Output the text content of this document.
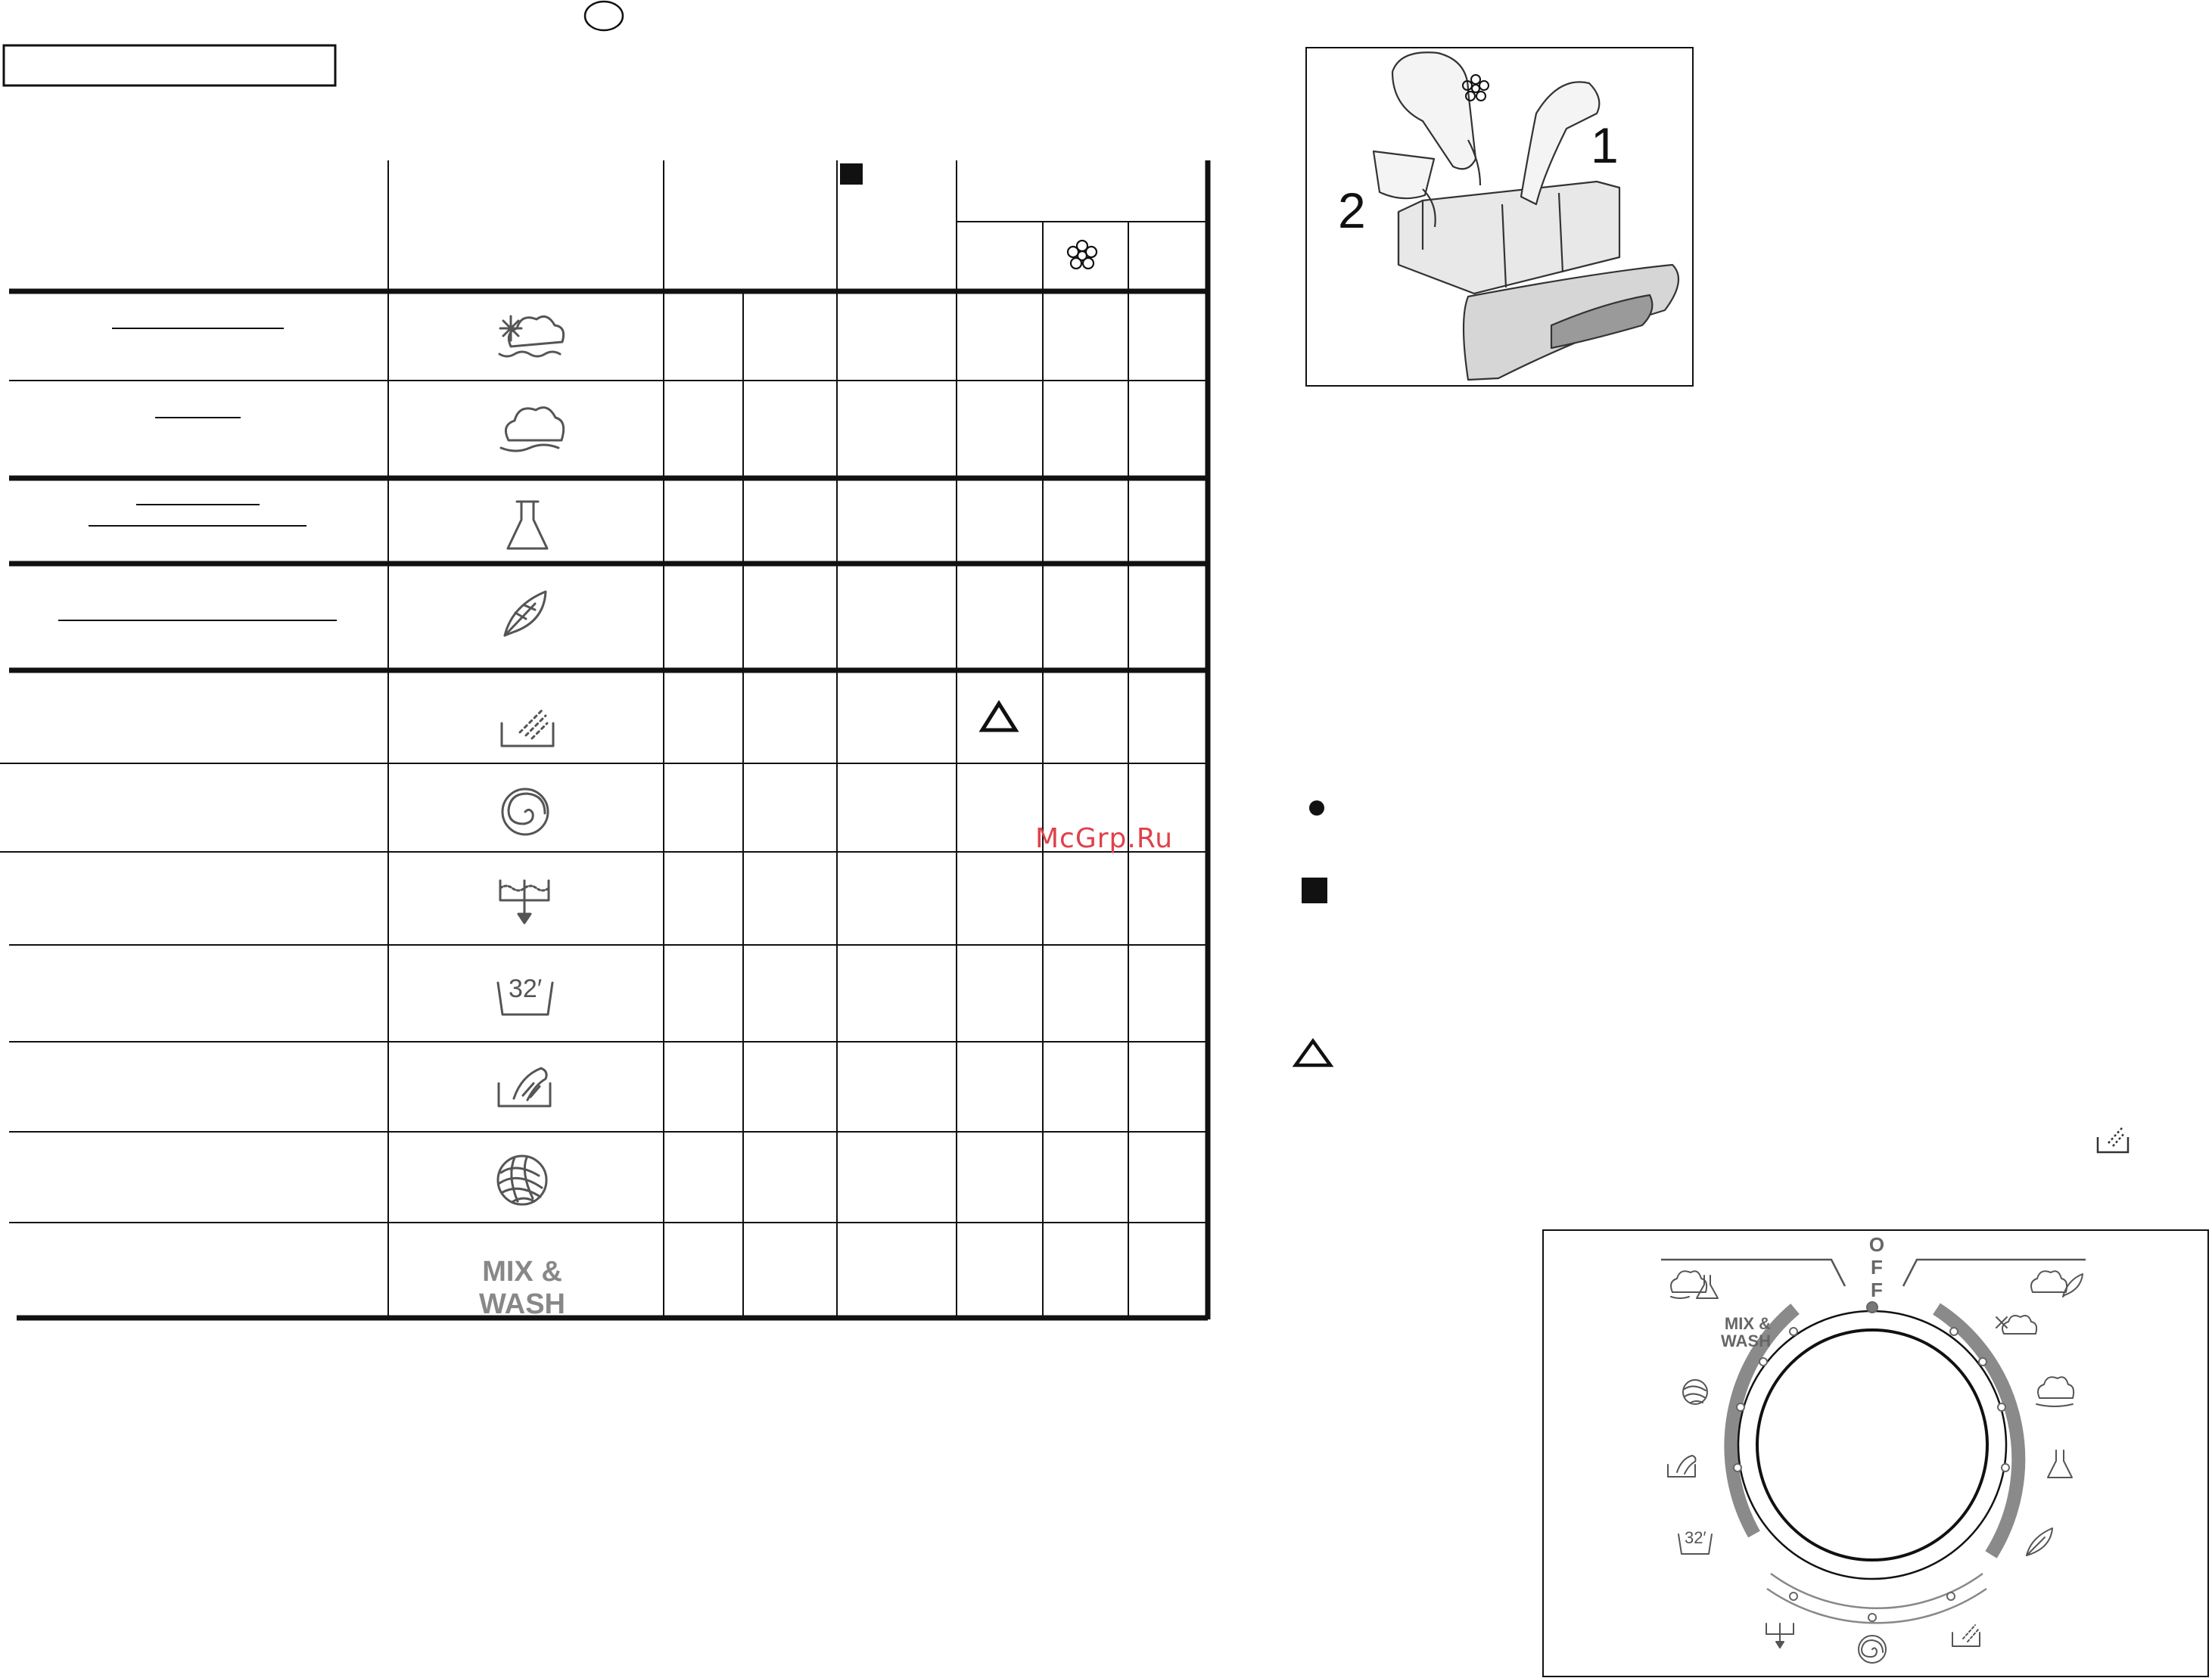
MIX & WASH
1
2
OFF
MIX & WASH
McGrp.Ru
32′
32′
